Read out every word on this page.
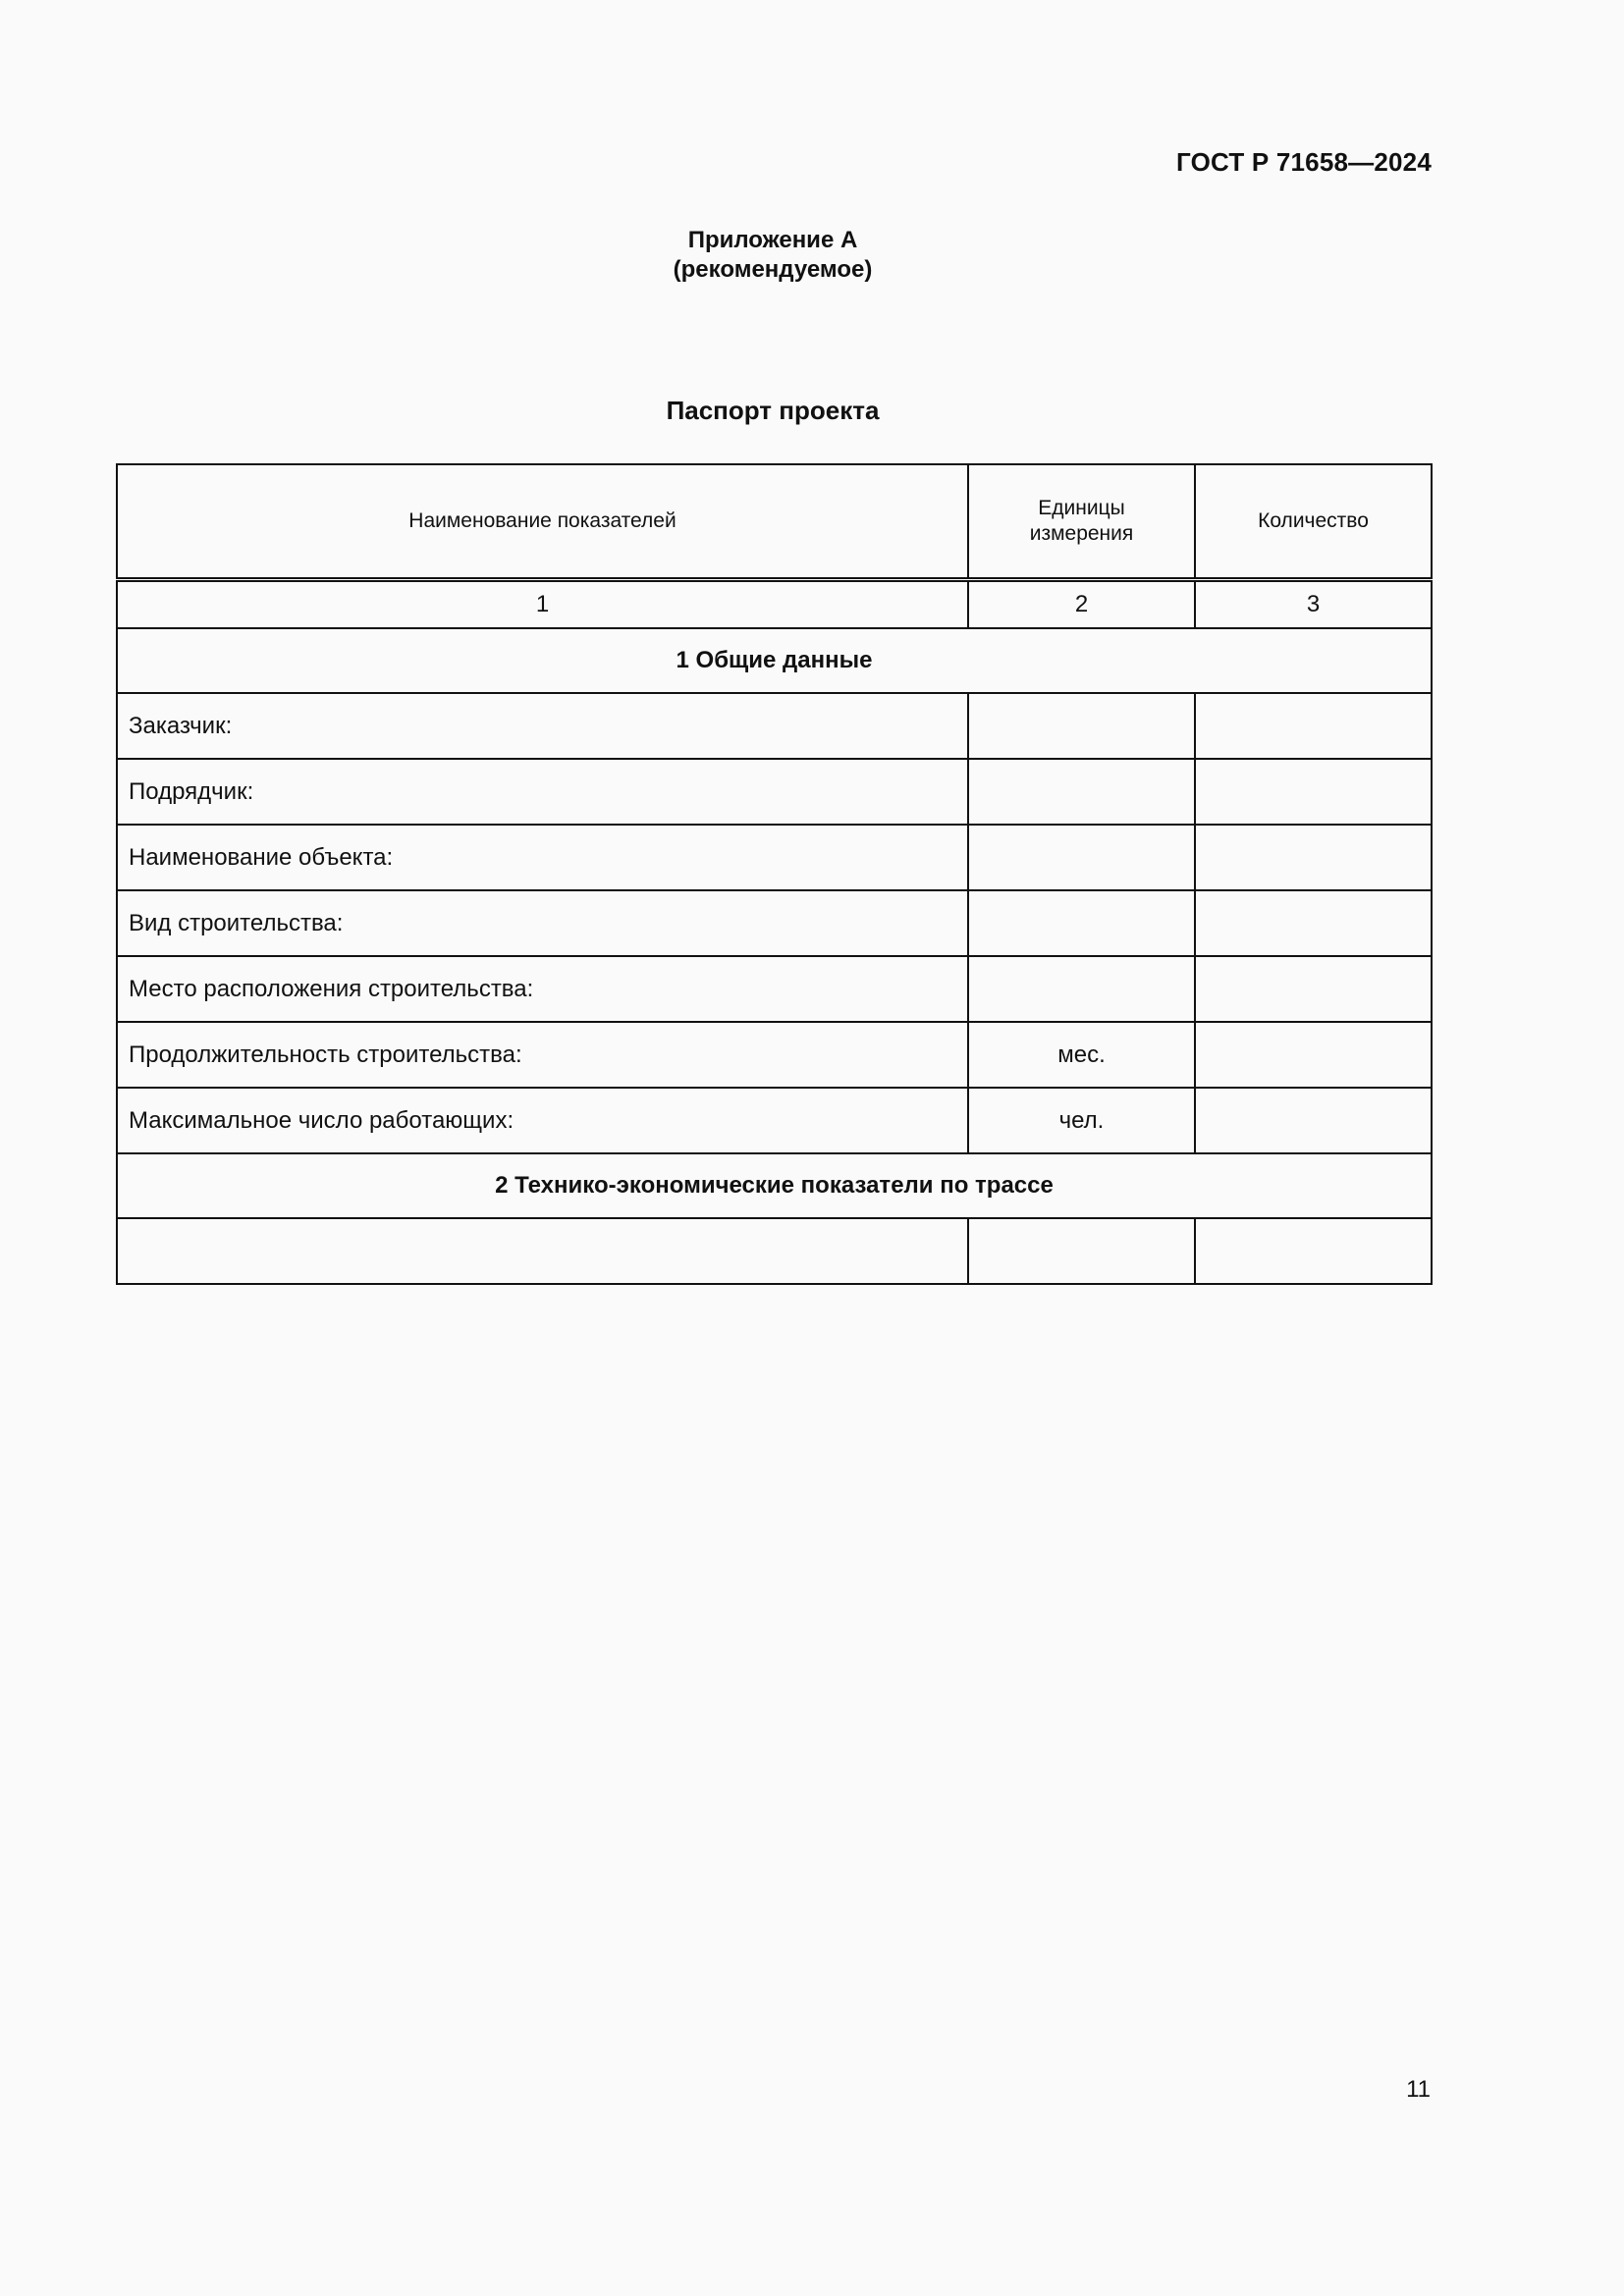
ГОСТ Р 71658—2024
Приложение А
(рекомендуемое)
Паспорт проекта
Наименование показателей	Единицы измерения	Количество
1	2	3
1 Общие данные		
Заказчик:		
Подрядчик:		
Наименование объекта:		
Вид строительства:		
Место расположения строительства:		
Продолжительность строительства:	мес.	
Максимальное число работающих:	чел.	
2 Технико-экономические показатели по трассе		

11
